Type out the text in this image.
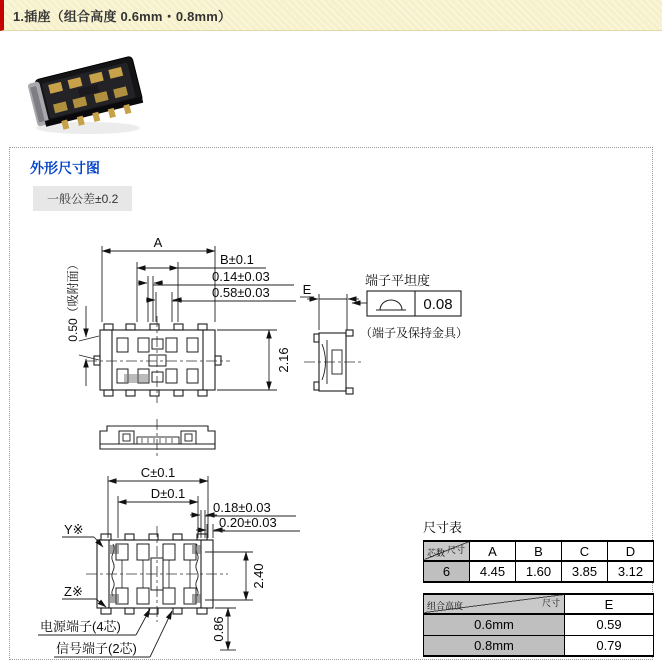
1.插座（组合高度 0.6mm・0.8mm）
外形尺寸图
一般公差±0.2
A
B±0.1
0.14±0.03
0.58±0.03
0.50（吸附面）
2.16
E
端子平坦度
0.08
（端子及保持金具）
C±0.1
D±0.1
0.18±0.03
0.20±0.03
Y※
Z※
2.40
0.86
电源端子(4芯)
信号端子(2芯)
尺寸表
尺寸
芯数	A	B	C	D
6	4.45	1.60	3.85	3.12
尺寸
组合高度	E
0.6mm	0.59
0.8mm	0.79
